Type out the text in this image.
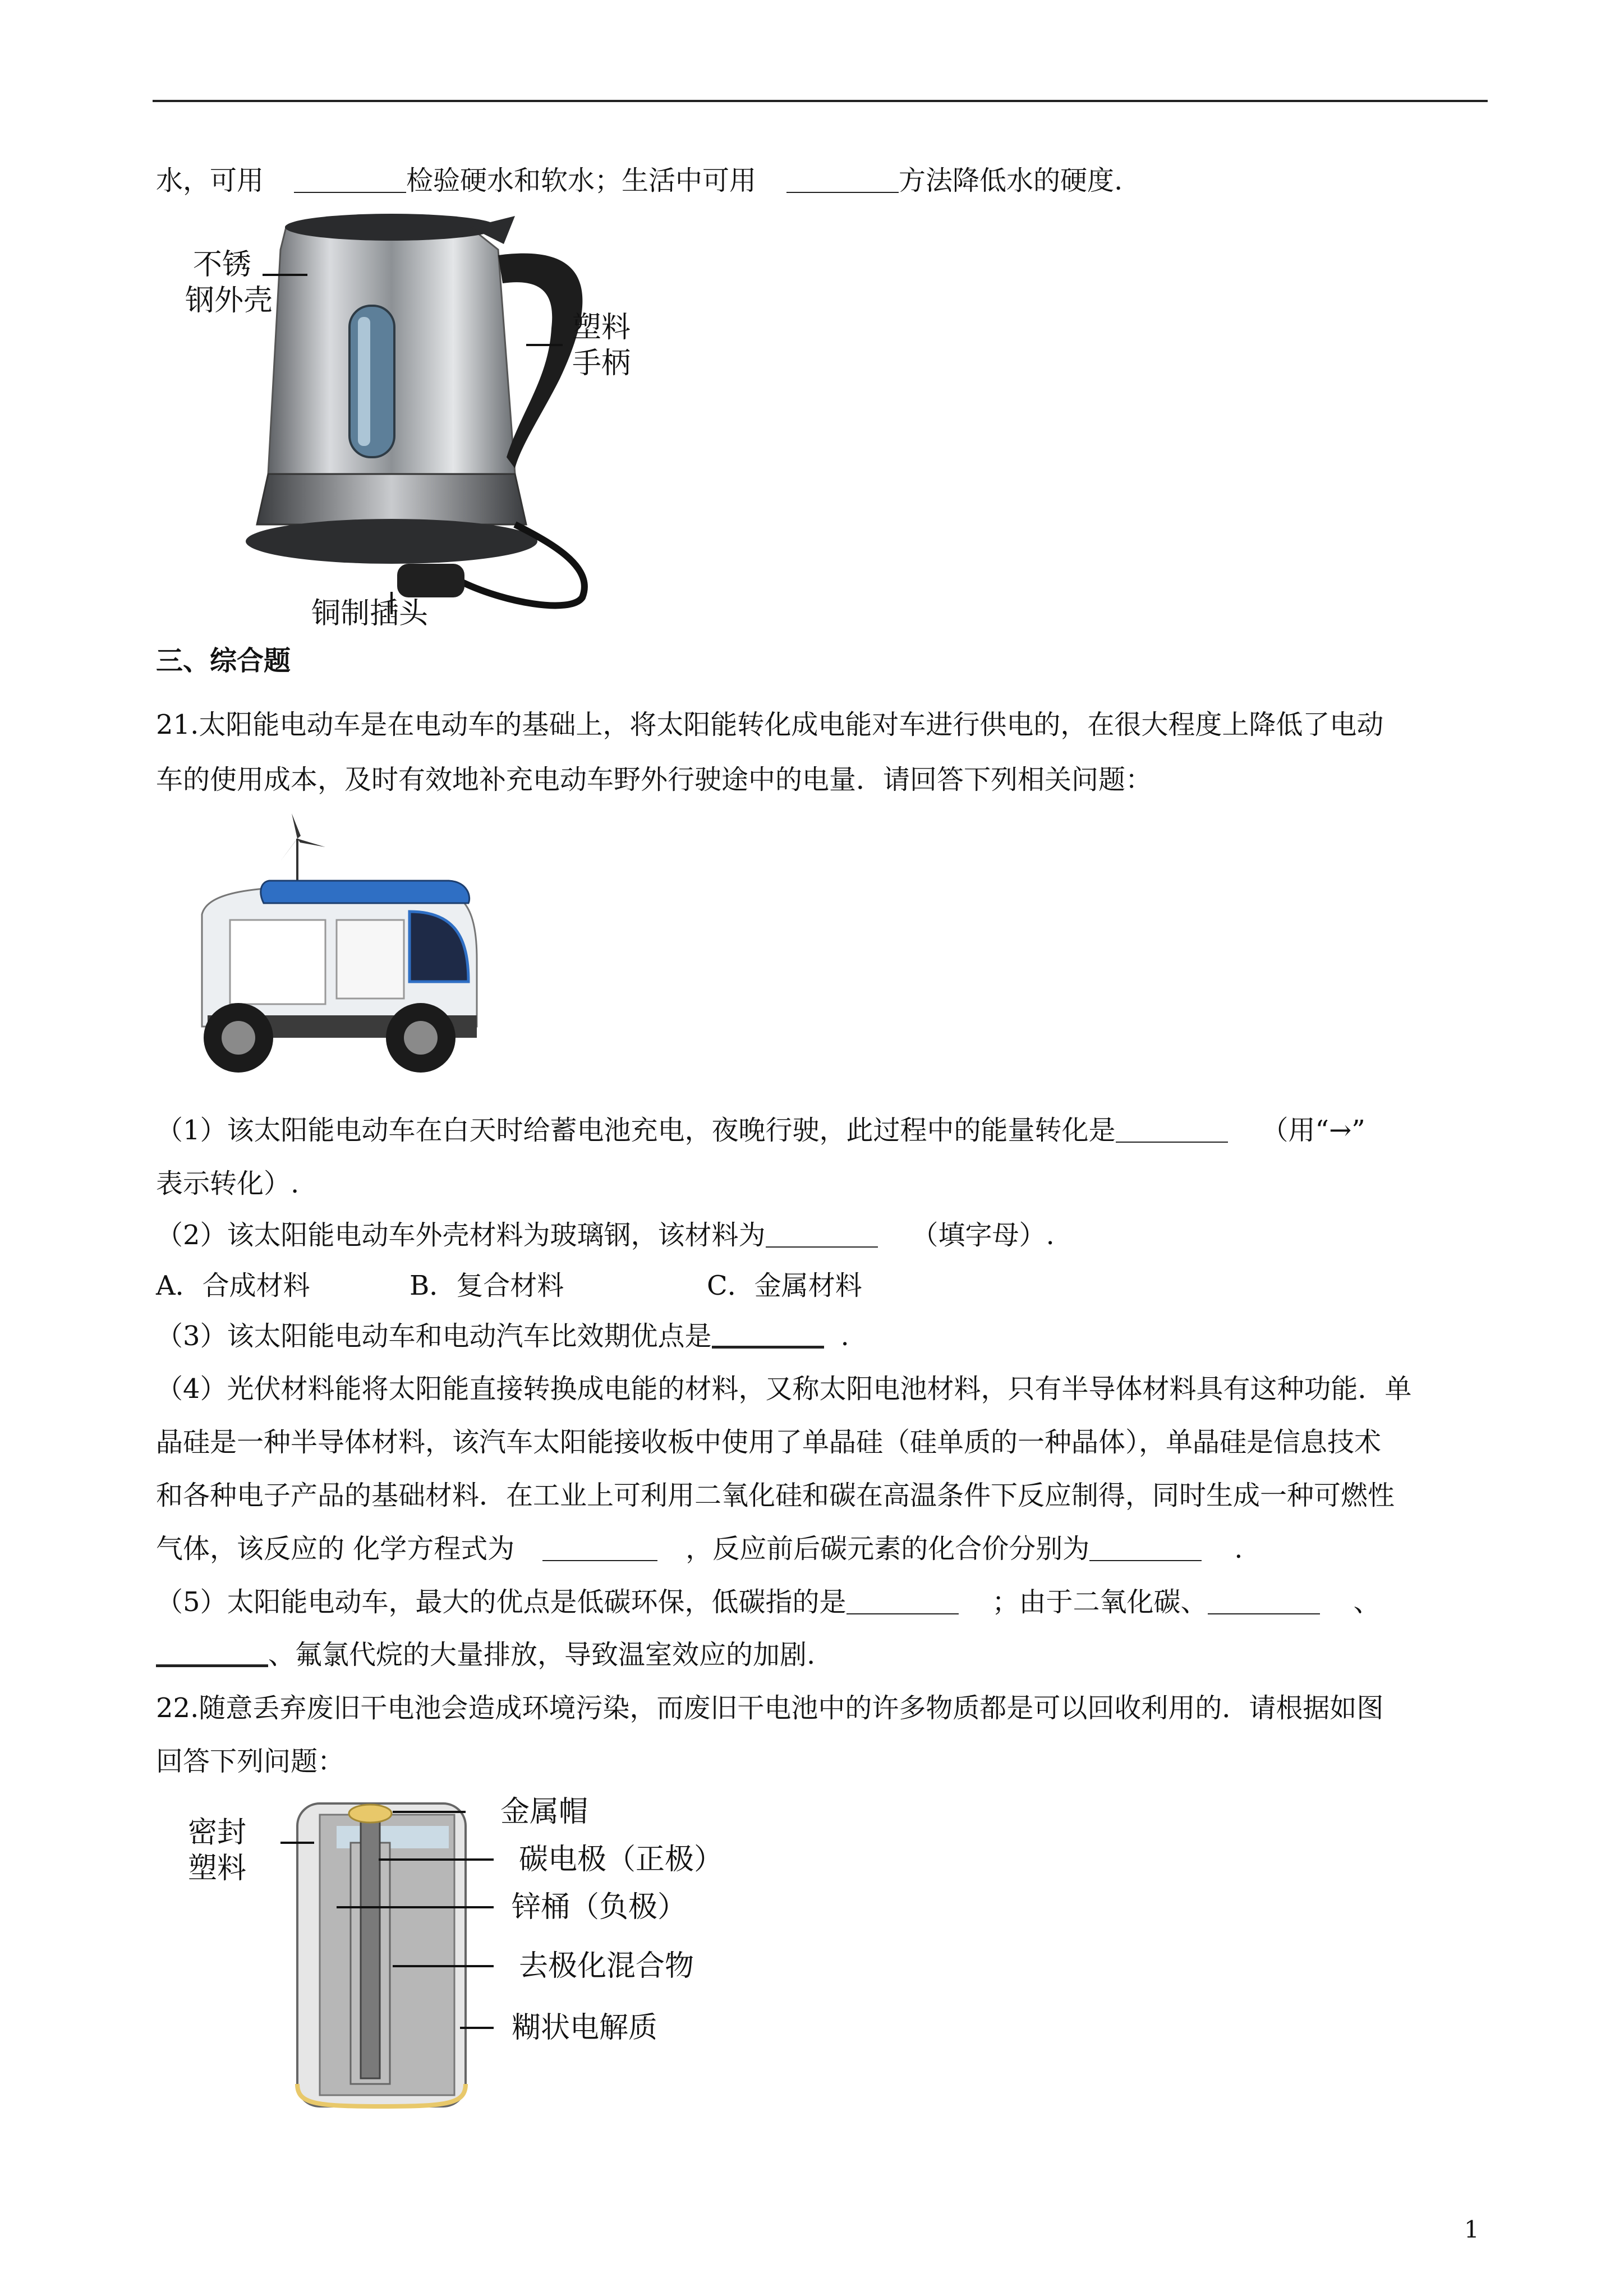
水，可用	检验硬水和软水；生活中可用	方法降低水的硬度.
不锈
钢外壳
塑料
手柄
铜制插头
三、综合题
21.太阳能电动车是在电动车的基础上，将太阳能转化成电能对车进行供电的，在很大程度上降低了电动
车的使用成本，及时有效地补充电动车野外行驶途中的电量．请回答下列相关问题：
（1）该太阳能电动车在白天时给蓄电池充电，夜晚行驶，此过程中的能量转化是	（用“→”
表示转化）.
（2）该太阳能电动车外壳材料为玻璃钢，该材料为	（填字母）.
A．合成材料	B．复合材料	C．金属材料
（3）该太阳能电动车和电动汽车比效期优点是	.
（4）光伏材料能将太阳能直接转换成电能的材料，又称太阳电池材料，只有半导体材料具有这种功能．单
晶硅是一种半导体材料，该汽车太阳能接收板中使用了单晶硅（硅单质的一种晶体），单晶硅是信息技术
和各种电子产品的基础材料．在工业上可利用二氧化硅和碳在高温条件下反应制得，同时生成一种可燃性
气体，该反应的 化学方程式为	，反应前后碳元素的化合价分别为	.
（5）太阳能电动车，最大的优点是低碳环保，低碳指的是	；由于二氧化碳、	、
、氟氯代烷的大量排放，导致温室效应的加剧.
22.随意丢弃废旧干电池会造成环境污染，而废旧干电池中的许多物质都是可以回收利用的．请根据如图
回答下列问题：
密封
塑料
金属帽
碳电极（正极）
锌桶（负极）
去极化混合物
糊状电解质
1
